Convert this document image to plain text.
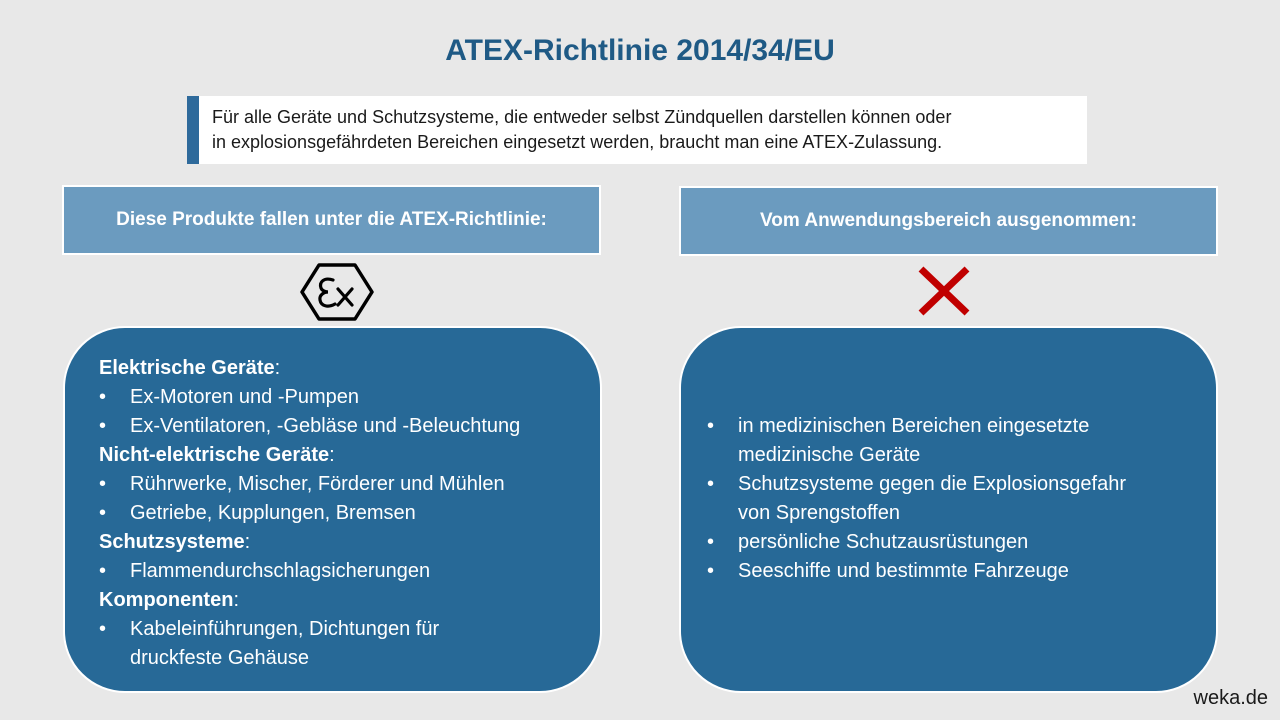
ATEX-Richtlinie 2014/34/EU
Für alle Geräte und Schutzsysteme, die entweder selbst Zündquellen darstellen können oder
in explosionsgefährdeten Bereichen eingesetzt werden, braucht man eine ATEX-Zulassung.
Diese Produkte fallen unter die ATEX-Richtlinie:	Vom Anwendungsbereich ausgenommen:
Elektrische Geräte:
• Ex-Motoren und -Pumpen
• Ex-Ventilatoren, -Gebläse und -Beleuchtung
Nicht-elektrische Geräte:
• Rührwerke, Mischer, Förderer und Mühlen
• Getriebe, Kupplungen, Bremsen
Schutzsysteme:
• Flammendurchschlagsicherungen
Komponenten:
• Kabeleinführungen, Dichtungen für
druckfeste Gehäuse
• in medizinischen Bereichen eingesetzte
medizinische Geräte
• Schutzsysteme gegen die Explosionsgefahr
von Sprengstoffen
• persönliche Schutzausrüstungen
• Seeschiffe und bestimmte Fahrzeuge
weka.de
